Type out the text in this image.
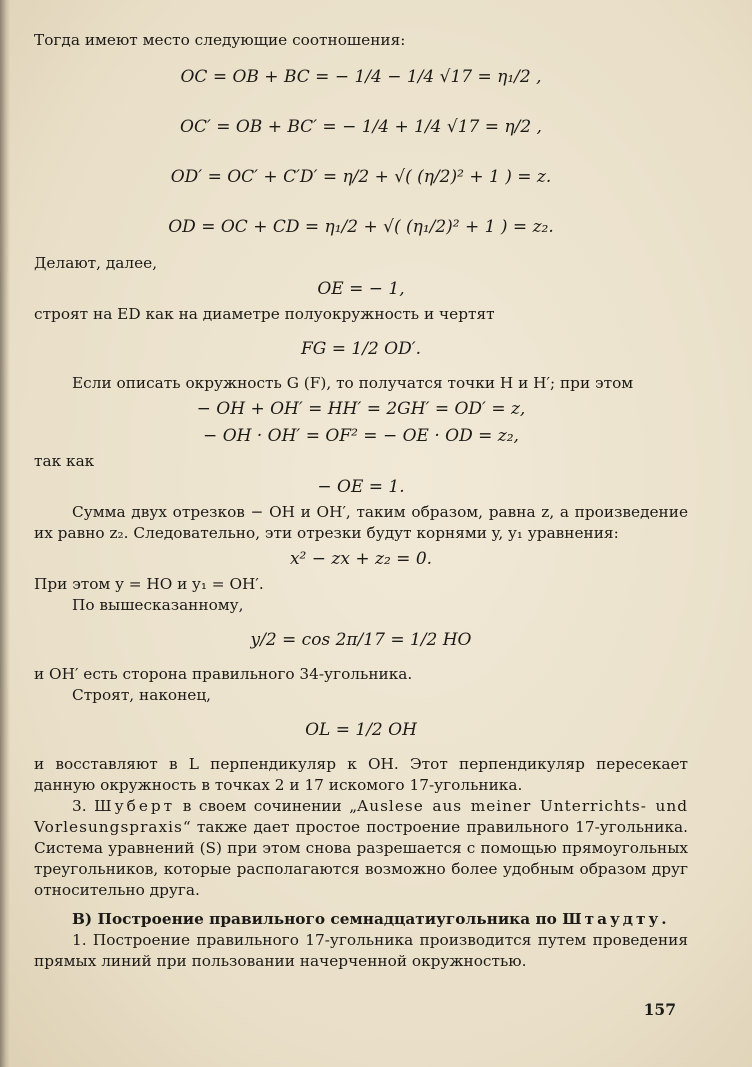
Тогда имеют место следующие соотношения:

OC = OB + BC = − 1/4 − 1/4 √17 = η₁/2 ,
OC′ = OB + BC′ = − 1/4 + 1/4 √17 = η/2 ,
OD′ = OC′ + C′D′ = η/2 + √( (η/2)² + 1 ) = z.
OD = OC + CD = η₁/2 + √( (η₁/2)² + 1 ) = z₂.

Делают, далее,

OE = − 1,

строят на ED как на диаметре полуокружность и чертят

FG = 1/2 OD′.

Если описать окружность G (F), то получатся точки H и H′; при этом

− OH + OH′ = HH′ = 2GH′ = OD′ = z,
− OH · OH′ = OF² = − OE · OD = z₂,

так как

− OE = 1.

Сумма двух отрезков − OH и OH′, таким образом, равна z, а произведение их равно z₂. Следовательно, эти отрезки будут корнями y, y₁ уравнения:

x² − zx + z₂ = 0.

При этом y = HO и y₁ = OH′.

По вышесказанному,

y/2 = cos 2π/17 = 1/2 HO

и OH′ есть сторона правильного 34-угольника.

Строят, наконец,

OL = 1/2 OH

и восставляют в L перпендикуляр к OH. Этот перпендикуляр пересекает данную окружность в точках 2 и 17 искомого 17-угольника.

3. Шуберт в своем сочинении „Auslese aus meiner Unterrichts- und Vorlesungspraxis“ также дает простое построение правильного 17-угольника. Система уравнений (S) при этом снова разрешается с помощью прямоугольных треугольников, которые располагаются возможно более удобным образом друг относительно друга.

В) Построение правильного семнадцатиугольника по Штаудту.

1. Построение правильного 17-угольника производится путем проведения прямых линий при пользовании начерченной окружностью.

157
